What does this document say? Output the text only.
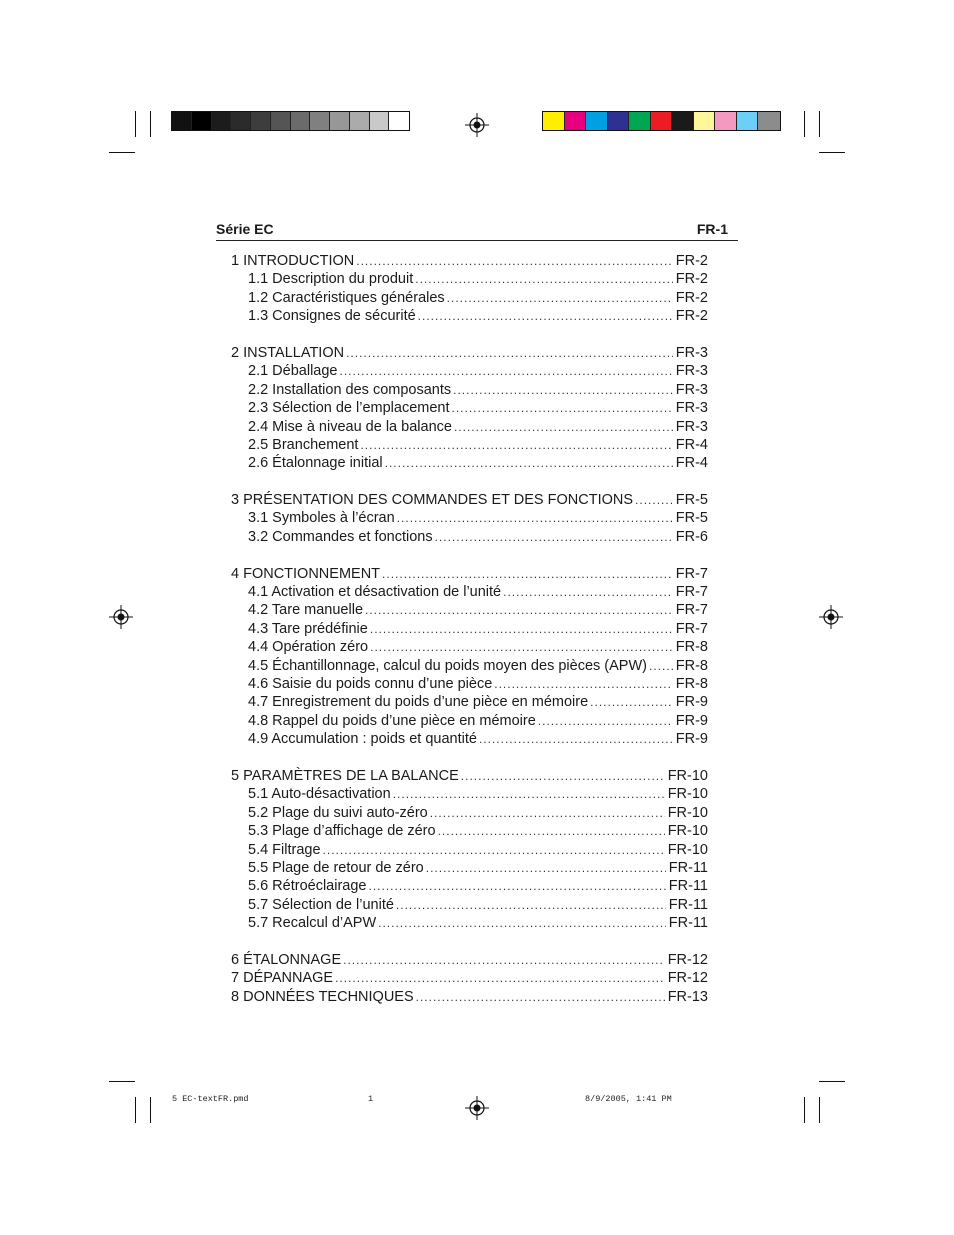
Série EC	FR-1
1 INTRODUCTION .....	FR-2
1.1 Description du produit .....	FR-2
1.2 Caractéristiques générales .....	FR-2
1.3 Consignes de sécurité .....	FR-2
2 INSTALLATION .....	FR-3
2.1 Déballage .....	FR-3
2.2 Installation des composants .....	FR-3
2.3 Sélection de l’emplacement .....	FR-3
2.4 Mise à niveau de la balance .....	FR-3
2.5 Branchement .....	FR-4
2.6 Étalonnage initial .....	FR-4
3 PRÉSENTATION DES COMMANDES ET DES FONCTIONS .....	FR-5
3.1 Symboles à l’écran .....	FR-5
3.2 Commandes et fonctions .....	FR-6
4 FONCTIONNEMENT .....	FR-7
4.1 Activation et désactivation de l’unité .....	FR-7
4.2 Tare manuelle .....	FR-7
4.3 Tare prédéfinie .....	FR-7
4.4 Opération zéro .....	FR-8
4.5 Échantillonnage, calcul du poids moyen des pièces (APW) ..... FR-8
4.6 Saisie du poids connu d’une pièce .....	FR-8
4.7 Enregistrement du poids d’une pièce en mémoire .....	FR-9
4.8 Rappel du poids d’une pièce en mémoire .....	FR-9
4.9 Accumulation : poids et quantité .....	FR-9
5 PARAMÈTRES DE LA BALANCE .....	FR-10
5.1 Auto-désactivation .....	FR-10
5.2 Plage du suivi auto-zéro .....	FR-10
5.3 Plage d’affichage de zéro .....	FR-10
5.4 Filtrage .....	FR-10
5.5 Plage de retour de zéro .....	FR-11
5.6 Rétroéclairage .....	FR-11
5.7 Sélection de l’unité .....	FR-11
5.7 Recalcul d’APW .....	FR-11
6 ÉTALONNAGE .....	FR-12
7 DÉPANNAGE .....	FR-12
8 DONNÉES TECHNIQUES .....	FR-13
5 EC-textFR.pmd	1	8/9/2005, 1:41 PM
